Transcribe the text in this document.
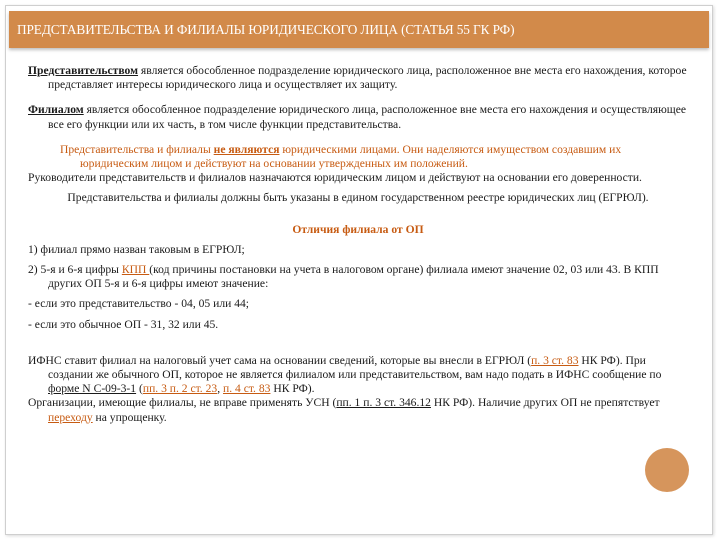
ПРЕДСТАВИТЕЛЬСТВА И ФИЛИАЛЫ ЮРИДИЧЕСКОГО ЛИЦА (СТАТЬЯ 55 ГК РФ)

Представительством является обособленное подразделение юридического лица, расположенное вне места его нахождения, которое представляет интересы юридического лица и осуществляет их защиту.

Филиалом является обособленное подразделение юридического лица, расположенное вне места его нахождения и осуществляющее все его функции или их часть, в том числе функции представительства.

Представительства и филиалы не являются юридическими лицами. Они наделяются имуществом создавшим их юридическим лицом и действуют на основании утвержденных им положений.

Руководители представительств и филиалов назначаются юридическим лицом и действуют на основании его доверенности.

Представительства и филиалы должны быть указаны в едином государственном реестре юридических лиц (ЕГРЮЛ).

Отличия филиала от ОП

1) филиал прямо назван таковым в ЕГРЮЛ;

2) 5-я и 6-я цифры КПП (код причины постановки на учета в налоговом органе) филиала имеют значение 02, 03 или 43. В КПП других ОП 5-я и 6-я цифры имеют значение:

- если это представительство - 04, 05 или 44;

- если это обычное ОП - 31, 32 или 45.

ИФНС ставит филиал на налоговый учет сама на основании сведений, которые вы внесли в ЕГРЮЛ (п. 3 ст. 83 НК РФ). При создании же обычного ОП, которое не является филиалом или представительством, вам надо подать в ИФНС сообщение по форме N С-09-3-1 (пп. 3 п. 2 ст. 23, п. 4 ст. 83 НК РФ).

Организации, имеющие филиалы, не вправе применять УСН (пп. 1 п. 3 ст. 346.12 НК РФ). Наличие других ОП не препятствует переходу на упрощенку.
